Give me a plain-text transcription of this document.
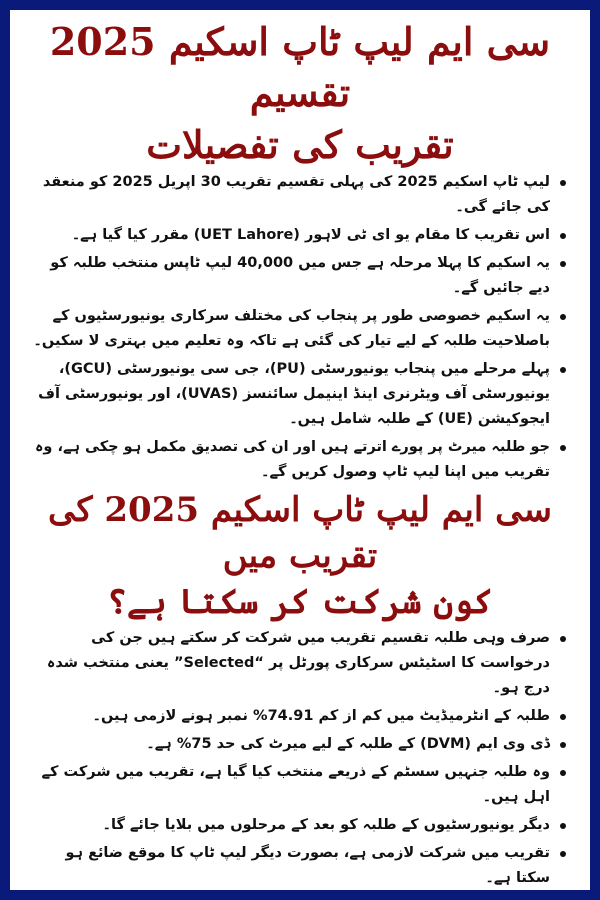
سی ایم لیپ ٹاپ اسکیم 2025 تقسیم
تقریب کی تفصیلات
لیپ ٹاپ اسکیم 2025 کی پہلی تقسیم تقریب 30 اپریل 2025 کو منعقد کی جائے گی۔
اس تقریب کا مقام یو ای ٹی لاہور (UET Lahore) مقرر کیا گیا ہے۔
یہ اسکیم کا پہلا مرحلہ ہے جس میں 40,000 لیپ ٹاپس منتخب طلبہ کو دیے جائیں گے۔
یہ اسکیم خصوصی طور پر پنجاب کی مختلف سرکاری یونیورسٹیوں کے باصلاحیت طلبہ کے لیے تیار کی گئی ہے تاکہ وہ تعلیم میں بہتری لا سکیں۔
پہلے مرحلے میں پنجاب یونیورسٹی (PU)، جی سی یونیورسٹی (GCU)، یونیورسٹی آف ویٹرنری اینڈ اینیمل سائنسز (UVAS)، اور یونیورسٹی آف ایجوکیشن (UE) کے طلبہ شامل ہیں۔
جو طلبہ میرٹ پر پورے اترتے ہیں اور ان کی تصدیق مکمل ہو چکی ہے، وہ تقریب میں اپنا لیپ ٹاپ وصول کریں گے۔
سی ایم لیپ ٹاپ اسکیم 2025 کی تقریب میں
کون شرکت کر سکتا ہے؟
صرف وہی طلبہ تقسیم تقریب میں شرکت کر سکتے ہیں جن کی درخواست کا اسٹیٹس سرکاری پورٹل پر “Selected” یعنی منتخب شدہ درج ہو۔
طلبہ کے انٹرمیڈیٹ میں کم از کم 74.91% نمبر ہونے لازمی ہیں۔
ڈی وی ایم (DVM) کے طلبہ کے لیے میرٹ کی حد 75% ہے۔
وہ طلبہ جنہیں سسٹم کے ذریعے منتخب کیا گیا ہے، تقریب میں شرکت کے اہل ہیں۔
دیگر یونیورسٹیوں کے طلبہ کو بعد کے مرحلوں میں بلایا جائے گا۔
تقریب میں شرکت لازمی ہے، بصورت دیگر لیپ ٹاپ کا موقع ضائع ہو سکتا ہے۔
